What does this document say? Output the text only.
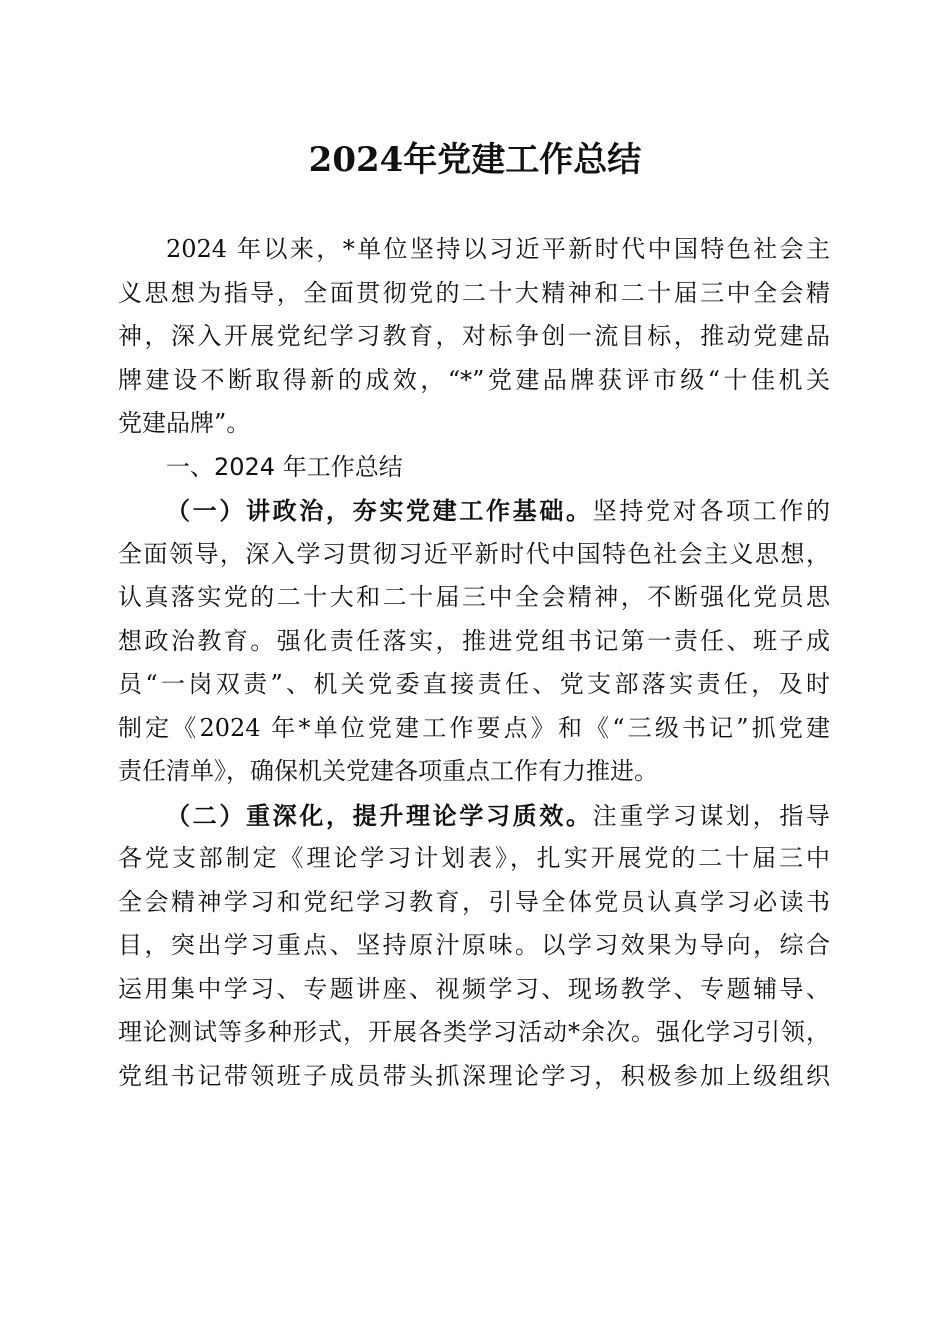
2024年党建工作总结
2024 年以来，*单位坚持以习近平新时代中国特色社会主
义思想为指导，全面贯彻党的二十大精神和二十届三中全会精
神，深入开展党纪学习教育，对标争创一流目标，推动党建品
牌建设不断取得新的成效，“*”党建品牌获评市级“十佳机关
党建品牌”。
一、2024 年工作总结
（一）讲政治，夯实党建工作基础。坚持党对各项工作的
全面领导，深入学习贯彻习近平新时代中国特色社会主义思想，
认真落实党的二十大和二十届三中全会精神，不断强化党员思
想政治教育。强化责任落实，推进党组书记第一责任、班子成
员“一岗双责”、机关党委直接责任、党支部落实责任，及时
制定《2024 年*单位党建工作要点》和《“三级书记”抓党建
责任清单》，确保机关党建各项重点工作有力推进。
（二）重深化，提升理论学习质效。注重学习谋划，指导
各党支部制定《理论学习计划表》，扎实开展党的二十届三中
全会精神学习和党纪学习教育，引导全体党员认真学习必读书
目，突出学习重点、坚持原汁原味。以学习效果为导向，综合
运用集中学习、专题讲座、视频学习、现场教学、专题辅导、
理论测试等多种形式，开展各类学习活动*余次。强化学习引领，
党组书记带领班子成员带头抓深理论学习，积极参加上级组织
